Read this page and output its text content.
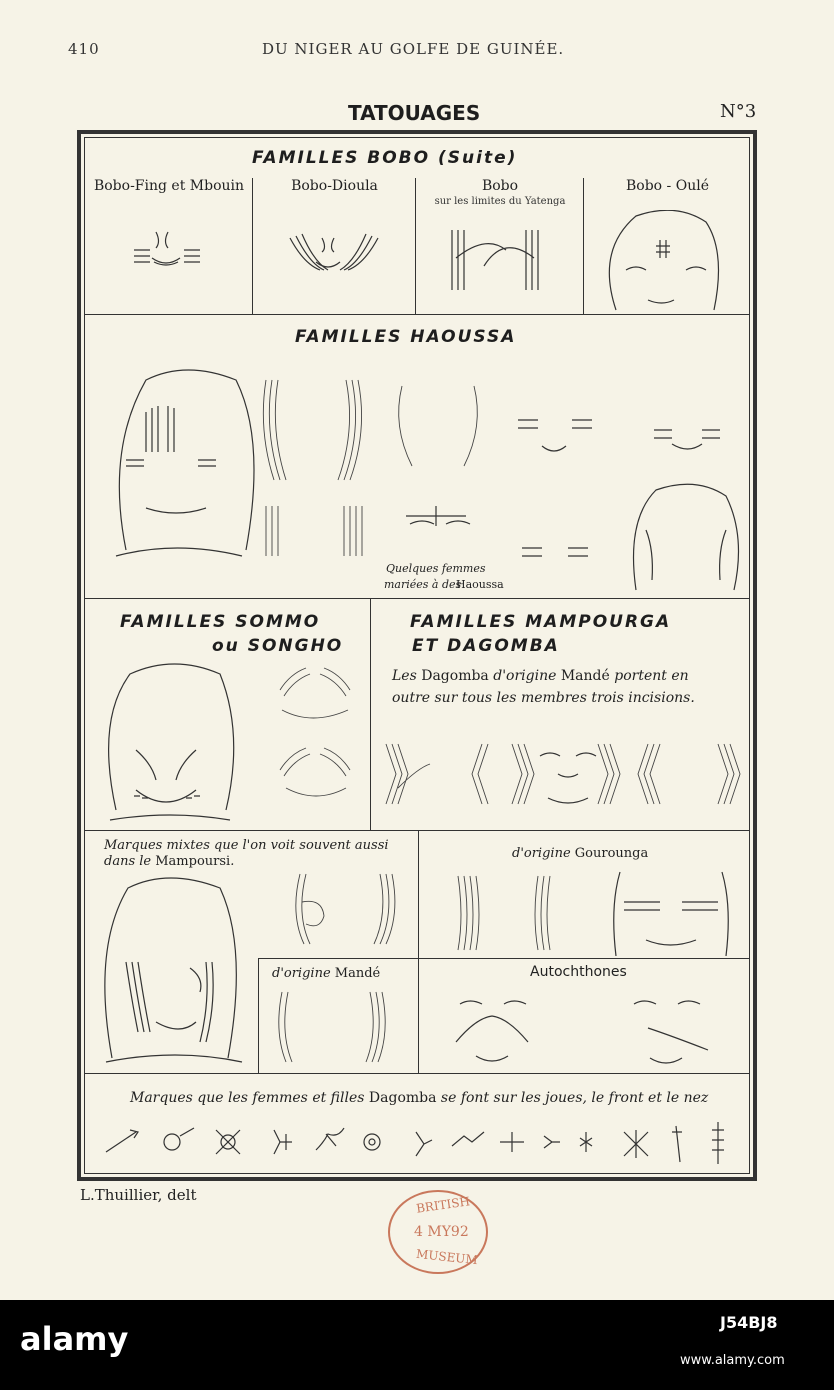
410	DU NIGER AU GOLFE DE GUINÉE.
TATOUAGES	N°3
FAMILLES BOBO (Suite)
Bobo-Fing et Mbouin	Bobo-Dioula	Bobo
sur les limites du Yatenga
Bobo - Oulé
FAMILLES HAOUSSA
Quelques femmes
mariées à des
Haoussa
FAMILLES SOMMO
ou SONGHO
FAMILLES MAMPOURGA
ET DAGOMBA
Les Dagomba d'origine Mandé portent en
outre sur tous les membres trois incisions.
Marques mixtes que l'on voit souvent aussi
dans le Mampoursi.
d'origine Gourounga
d'origine Mandé	Autochthones
Marques que les femmes et filles Dagomba se font sur les joues, le front et le nez
L.Thuillier, delt	BRITISH
4 MY92
MUSEUM
alamy	J54BJ8
www.alamy.com
